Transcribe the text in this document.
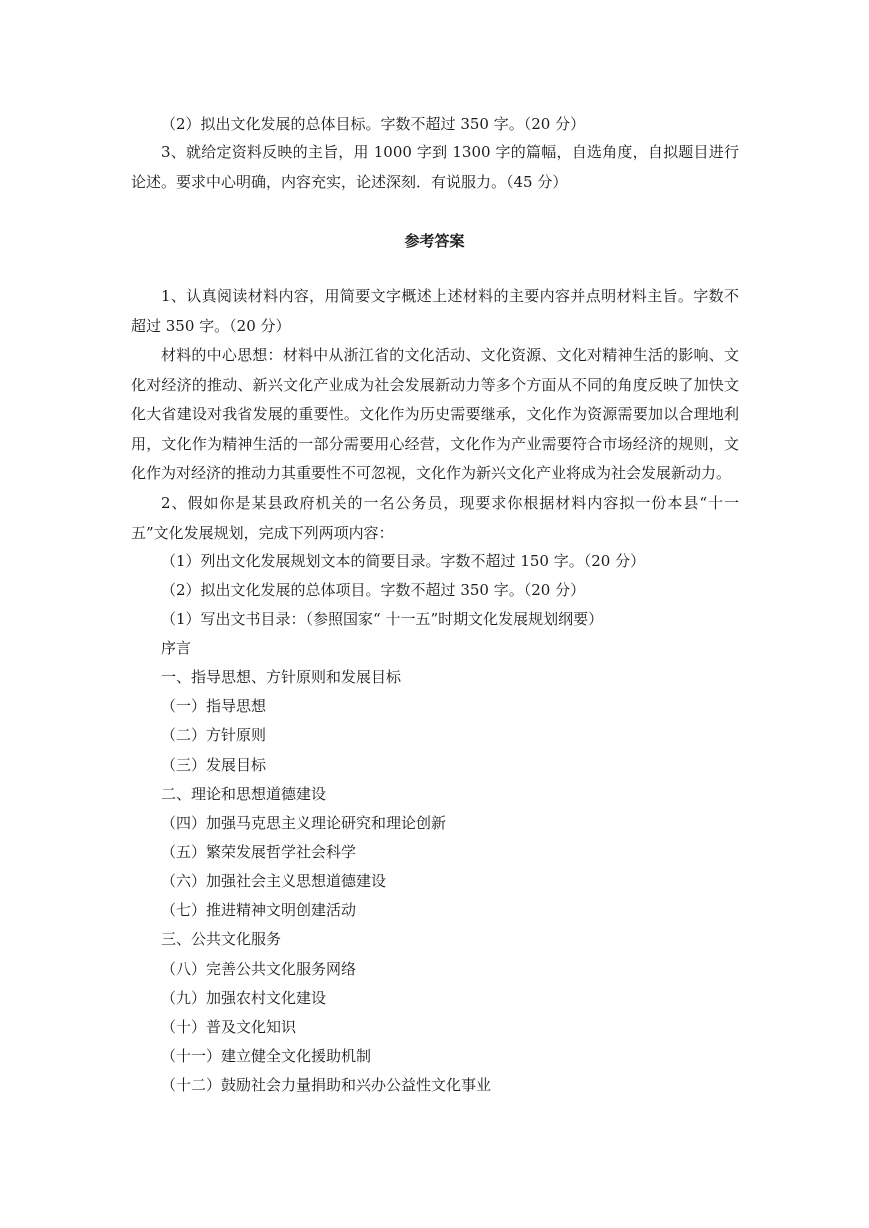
（2）拟出文化发展的总体目标。字数不超过 350 字。（20 分）

3、就给定资料反映的主旨，用 1000 字到 1300 字的篇幅，自选角度，自拟题目进行论述。要求中心明确，内容充实，论述深刻．有说服力。（45 分）

参考答案

1、认真阅读材料内容，用简要文字概述上述材料的主要内容并点明材料主旨。字数不超过 350 字。（20 分）

材料的中心思想：材料中从浙江省的文化活动、文化资源、文化对精神生活的影响、文化对经济的推动、新兴文化产业成为社会发展新动力等多个方面从不同的角度反映了加快文化大省建设对我省发展的重要性。文化作为历史需要继承，文化作为资源需要加以合理地利用，文化作为精神生活的一部分需要用心经营，文化作为产业需要符合市场经济的规则，文化作为对经济的推动力其重要性不可忽视，文化作为新兴文化产业将成为社会发展新动力。

2、假如你是某县政府机关的一名公务员，现要求你根据材料内容拟一份本县“十一五”文化发展规划，完成下列两项内容：

（1）列出文化发展规划文本的简要目录。字数不超过 150 字。（20 分）

（2）拟出文化发展的总体项目。字数不超过 350 字。（20 分）

（1）写出文书目录：（参照国家“ 十一五”时期文化发展规划纲要）

序言

一、指导思想、方针原则和发展目标

（一）指导思想

（二）方针原则

（三）发展目标

二、理论和思想道德建设

（四）加强马克思主义理论研究和理论创新

（五）繁荣发展哲学社会科学

（六）加强社会主义思想道德建设

（七）推进精神文明创建活动

三、公共文化服务

（八）完善公共文化服务网络

（九）加强农村文化建设

（十）普及文化知识

（十一）建立健全文化援助机制

（十二）鼓励社会力量捐助和兴办公益性文化事业
